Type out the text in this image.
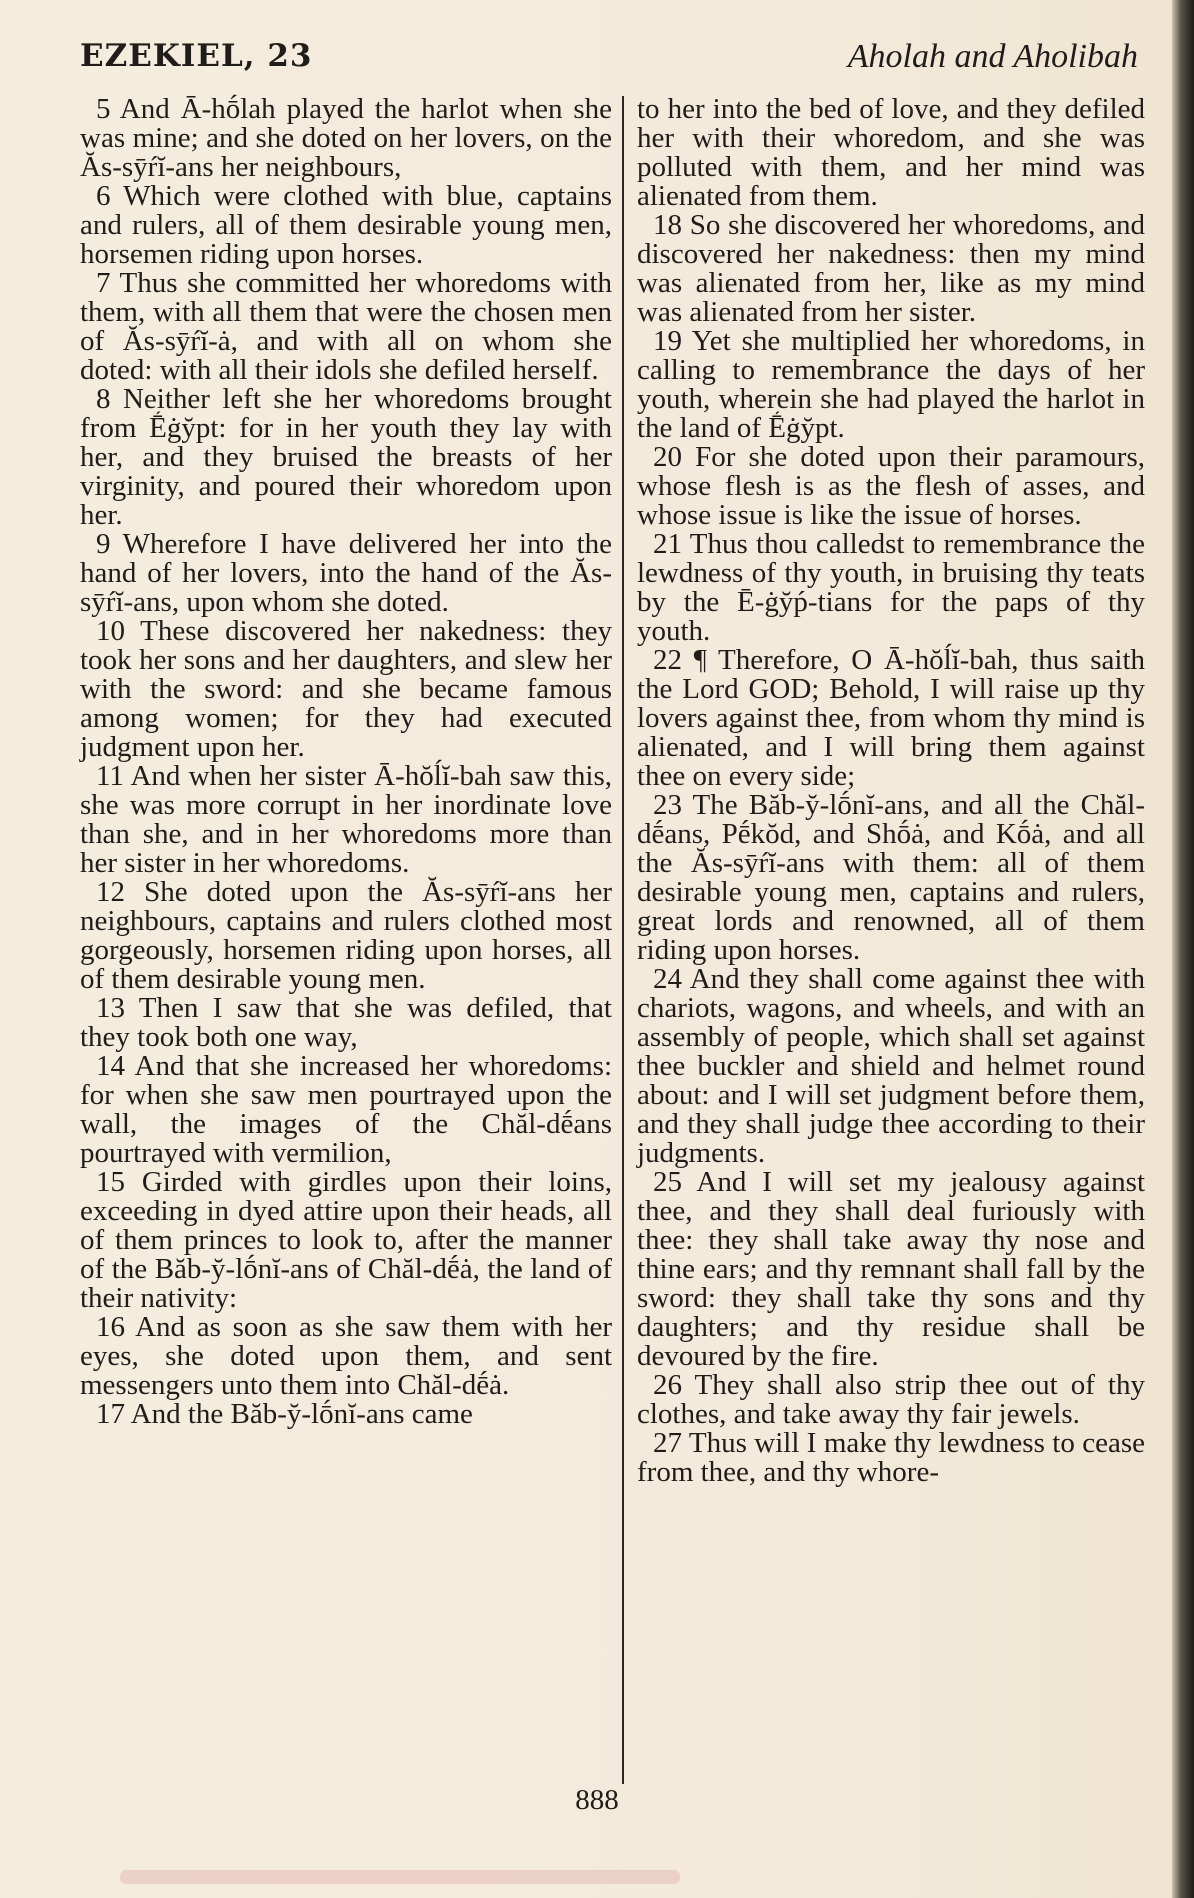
EZEKIEL, 23	Aholah and Aholibah

5 And Ā-hṓlah played the harlot when she was mine; and she doted on her lovers, on the Ăs-sȳŕĭ-ans her neighbours,

6 Which were clothed with blue, captains and rulers, all of them desirable young men, horsemen riding upon horses.

7 Thus she committed her whoredoms with them, with all them that were the chosen men of Ăs-sȳŕĭ-ȧ, and with all on whom she doted: with all their idols she defiled herself.

8 Neither left she her whoredoms brought from Ḗġy̆pt: for in her youth they lay with her, and they bruised the breasts of her virginity, and poured their whoredom upon her.

9 Wherefore I have delivered her into the hand of her lovers, into the hand of the Ăs-sȳŕĭ-ans, upon whom she doted.

10 These discovered her nakedness: they took her sons and her daughters, and slew her with the sword: and she became famous among women; for they had executed judgment upon her.

11 And when her sister Ā-hŏĺĭ-bah saw this, she was more corrupt in her inordinate love than she, and in her whoredoms more than her sister in her whoredoms.

12 She doted upon the Ăs-sȳŕĭ-ans her neighbours, captains and rulers clothed most gorgeously, horsemen riding upon horses, all of them desirable young men.

13 Then I saw that she was defiled, that they took both one way,

14 And that she increased her whoredoms: for when she saw men pourtrayed upon the wall, the images of the Chăl-dḗans pourtrayed with vermilion,

15 Girded with girdles upon their loins, exceeding in dyed attire upon their heads, all of them princes to look to, after the manner of the Băb-y̆-lṓnĭ-ans of Chăl-dḗȧ, the land of their nativity:

16 And as soon as she saw them with her eyes, she doted upon them, and sent messengers unto them into Chăl-dḗȧ.

17 And the Băb-y̆-lṓnĭ-ans came

to her into the bed of love, and they defiled her with their whoredom, and she was polluted with them, and her mind was alienated from them.

18 So she discovered her whoredoms, and discovered her nakedness: then my mind was alienated from her, like as my mind was alienated from her sister.

19 Yet she multiplied her whoredoms, in calling to remembrance the days of her youth, wherein she had played the harlot in the land of Ḗġy̆pt.

20 For she doted upon their paramours, whose flesh is as the flesh of asses, and whose issue is like the issue of horses.

21 Thus thou calledst to remembrance the lewdness of thy youth, in bruising thy teats by the Ē-ġy̆ṕ-tians for the paps of thy youth.

22 ¶ Therefore, O Ā-hŏĺĭ-bah, thus saith the Lord GOD; Behold, I will raise up thy lovers against thee, from whom thy mind is alienated, and I will bring them against thee on every side;

23 The Băb-y̆-lṓnĭ-ans, and all the Chăl-dḗans, Pḗkŏd, and Shṓȧ, and Kṓȧ, and all the Ăs-sȳŕĭ-ans with them: all of them desirable young men, captains and rulers, great lords and renowned, all of them riding upon horses.

24 And they shall come against thee with chariots, wagons, and wheels, and with an assembly of people, which shall set against thee buckler and shield and helmet round about: and I will set judgment before them, and they shall judge thee according to their judgments.

25 And I will set my jealousy against thee, and they shall deal furiously with thee: they shall take away thy nose and thine ears; and thy remnant shall fall by the sword: they shall take thy sons and thy daughters; and thy residue shall be devoured by the fire.

26 They shall also strip thee out of thy clothes, and take away thy fair jewels.

27 Thus will I make thy lewdness to cease from thee, and thy whore-

888
